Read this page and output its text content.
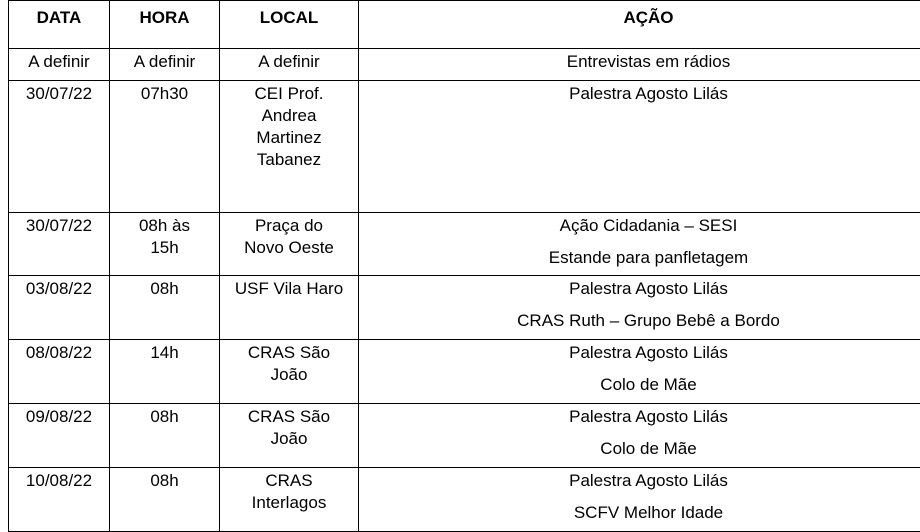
DATA	HORA	LOCAL	AÇÃO
A definir	A definir	A definir	Entrevistas em rádios

30/07/22	07h30	CEI Prof. Andrea Martinez Tabanez	Palestra Agosto Lilás

30/07/22	08h às 15h	Praça do Novo Oeste	Ação Cidadania – SESI
Estande para panfletagem

03/08/22	08h	USF Vila Haro	Palestra Agosto Lilás
CRAS Ruth – Grupo Bebê a Bordo

08/08/22	14h	CRAS São João	Palestra Agosto Lilás
Colo de Mãe

09/08/22	08h	CRAS São João	Palestra Agosto Lilás
Colo de Mãe

10/08/22	08h	CRAS Interlagos	Palestra Agosto Lilás
SCFV Melhor Idade
